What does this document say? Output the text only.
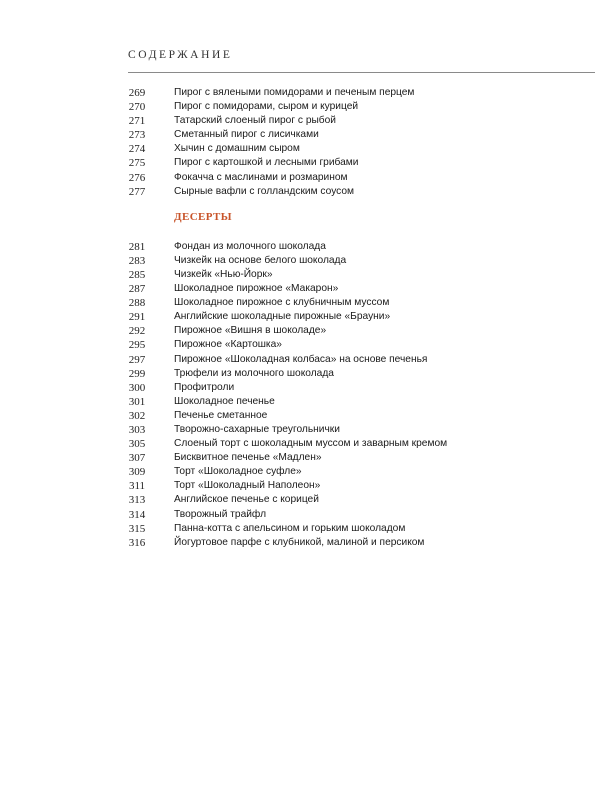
СОДЕРЖАНИЕ
269	Пирог с вялеными помидорами и печеным перцем
270	Пирог с помидорами, сыром и курицей
271	Татарский слоеный пирог с рыбой
273	Сметанный пирог с лисичками
274	Хычин с домашним сыром
275	Пирог с картошкой и лесными грибами
276	Фокачча с маслинами и розмарином
277	Сырные вафли с голландским соусом
ДЕСЕРТЫ
281	Фондан из молочного шоколада
283	Чизкейк на основе белого шоколада
285	Чизкейк «Нью-Йорк»
287	Шоколадное пирожное «Макарон»
288	Шоколадное пирожное с клубничным муссом
291	Английские шоколадные пирожные «Брауни»
292	Пирожное «Вишня в шоколаде»
295	Пирожное «Картошка»
297	Пирожное «Шоколадная колбаса» на основе печенья
299	Трюфели из молочного шоколада
300	Профитроли
301	Шоколадное печенье
302	Печенье сметанное
303	Творожно-сахарные треугольнички
305	Слоеный торт с шоколадным муссом и заварным кремом
307	Бисквитное печенье «Мадлен»
309	Торт «Шоколадное суфле»
311	Торт «Шоколадный Наполеон»
313	Английское печенье с корицей
314	Творожный трайфл
315	Панна-котта с апельсином и горьким шоколадом
316	Йогуртовое парфе с клубникой, малиной и персиком
